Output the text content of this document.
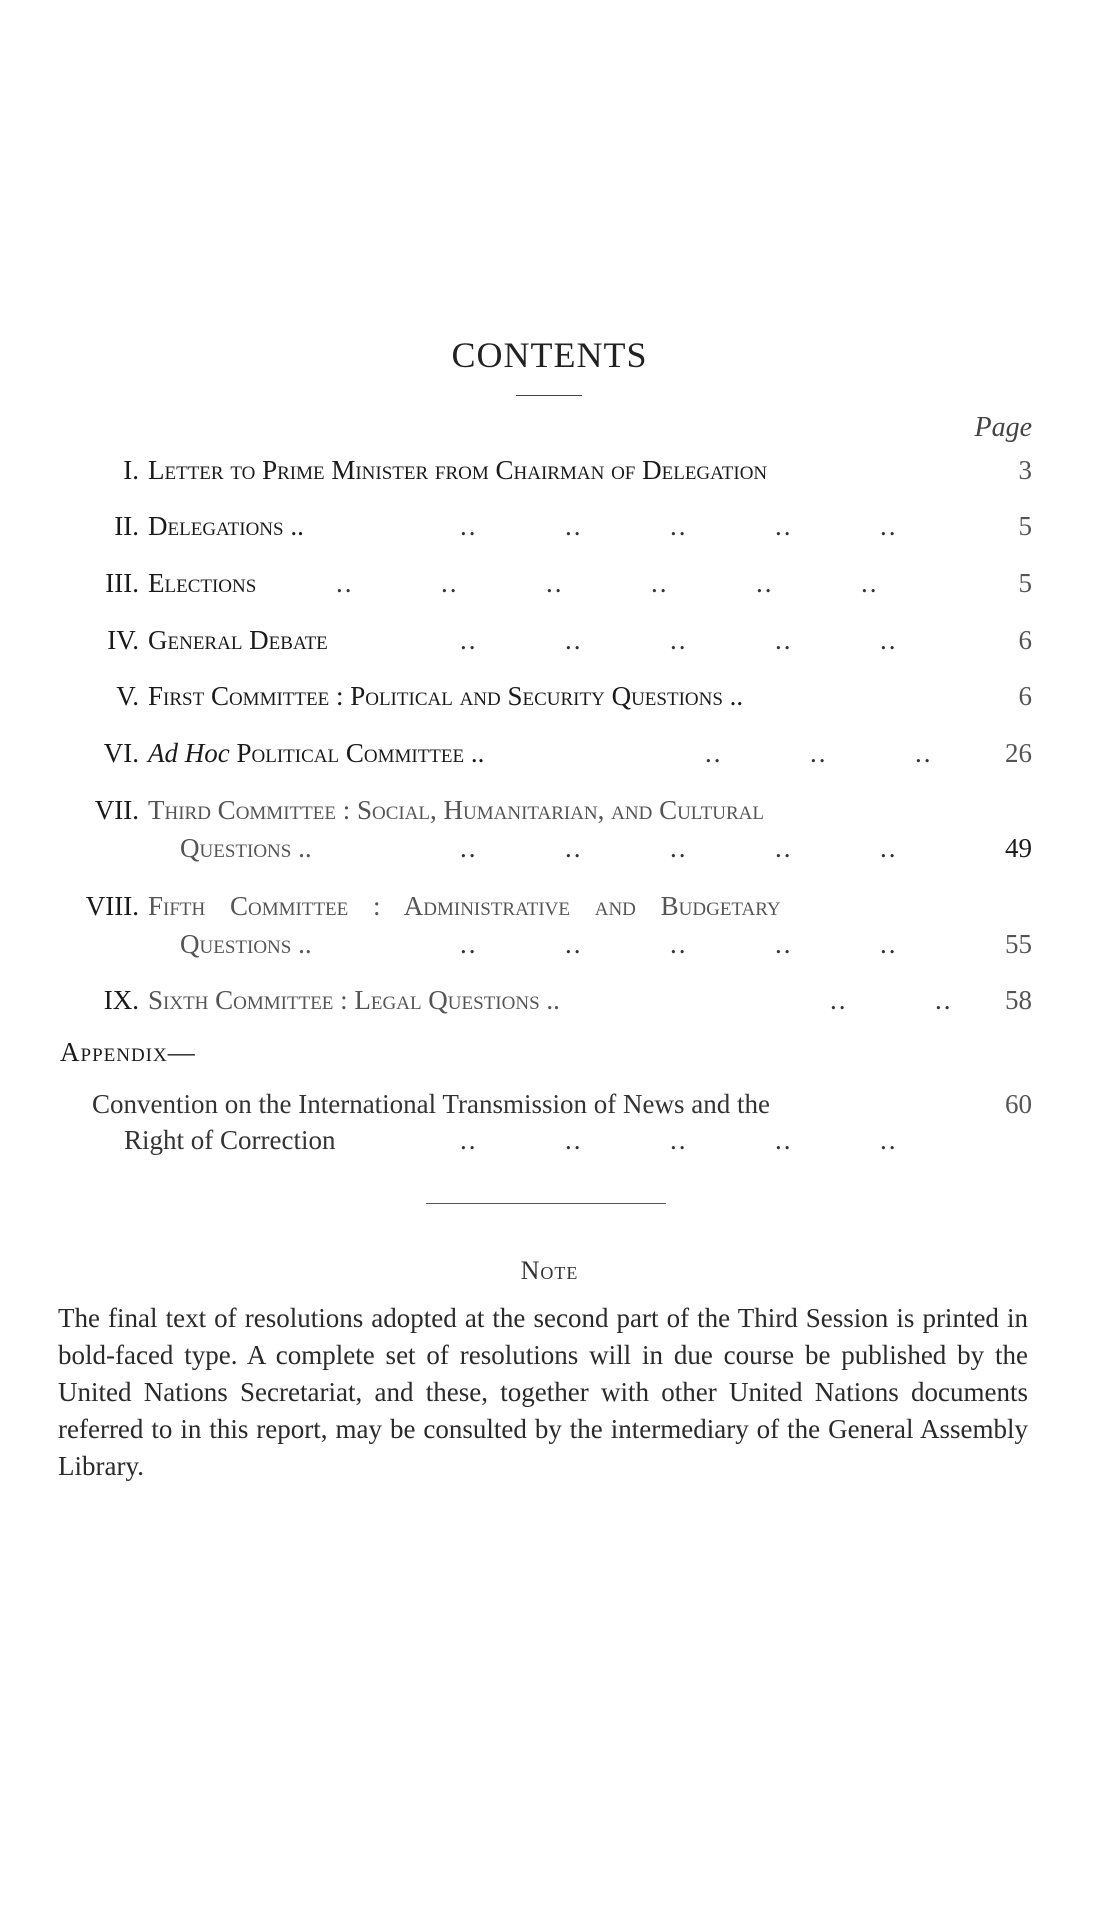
CONTENTS
Page
I. Letter to Prime Minister from Chairman of Delegation	3
II. Delegations ..	..          ..          ..          ..          ..	5
III. Elections	..          ..          ..          ..          ..          ..	5
IV. General Debate	..          ..          ..          ..          ..	6
V. First Committee : Political and Security Questions ..	6
VI. Ad Hoc Political Committee ..	..          ..          ..	26
VII. Third Committee : Social, Humanitarian, and Cultural
Questions ..	..          ..          ..          ..          ..	49
VIII. Fifth Committee : Administrative and Budgetary
Questions ..	..          ..          ..          ..          ..	55
IX. Sixth Committee : Legal Questions ..	..          .. 58
Appendix—
Convention on the International Transmission of News and the	60
Right of Correction	..          ..          ..          ..          ..
Note
The final text of resolutions adopted at the second part of the Third Session is printed in bold-faced type. A complete set of resolutions will in due course be published by the United Nations Secretariat, and these, together with other United Nations documents referred to in this report, may be consulted by the intermediary of the General Assembly Library.
